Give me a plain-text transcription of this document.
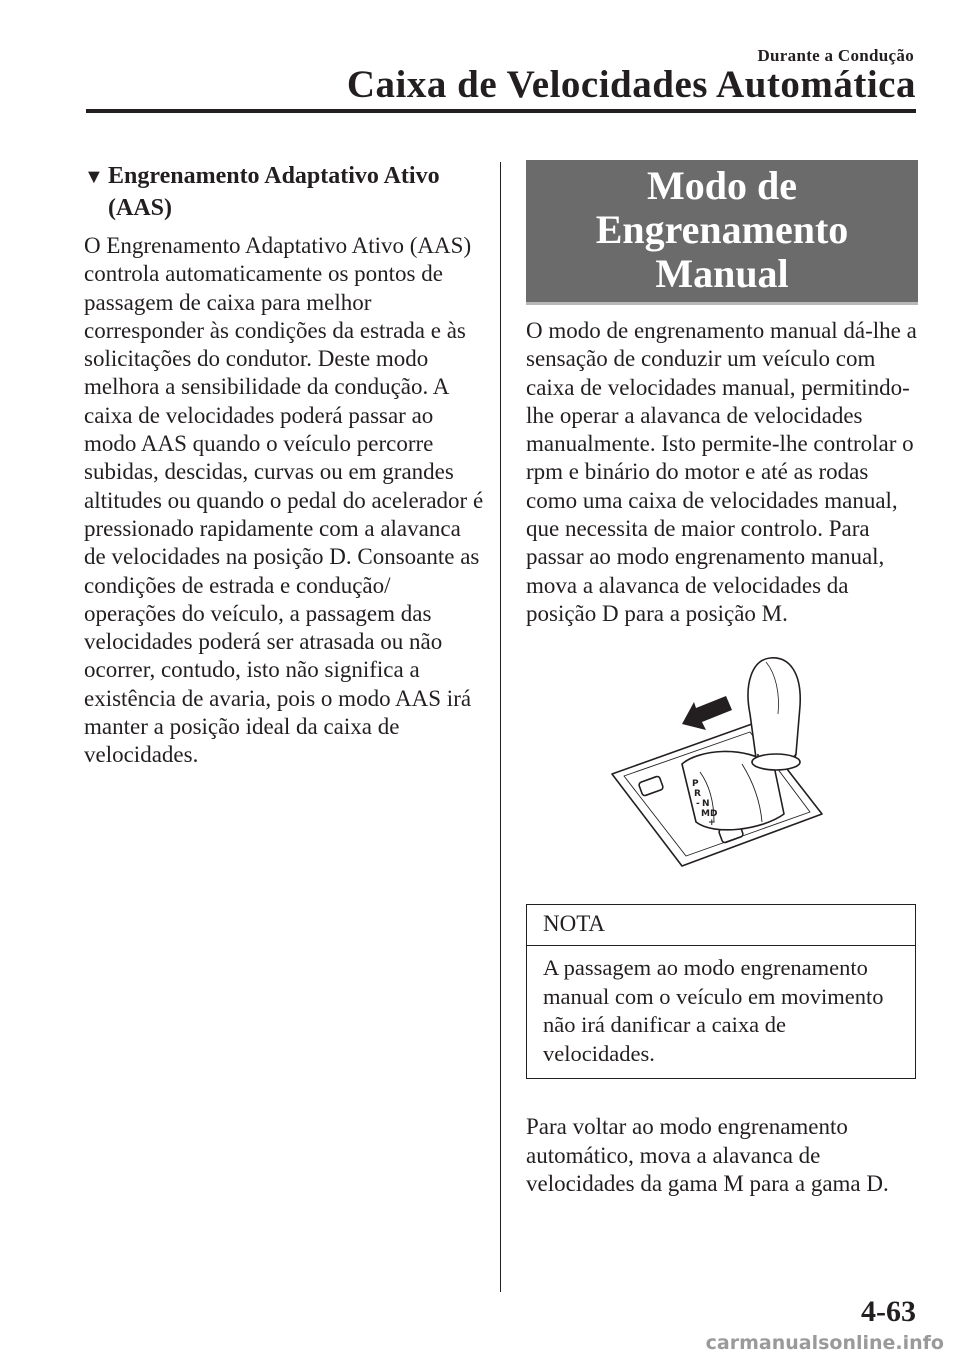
Durante a Condução
Caixa de Velocidades Automática
▼ Engrenamento Adaptativo Ativo (AAS)

O Engrenamento Adaptativo Ativo (AAS) controla automaticamente os pontos de passagem de caixa para melhor corresponder às condições da estrada e às solicitações do condutor. Deste modo melhora a sensibilidade da condução. A caixa de velocidades poderá passar ao modo AAS quando o veículo percorre subidas, descidas, curvas ou em grandes altitudes ou quando o pedal do acelerador é pressionado rapidamente com a alavanca de velocidades na posição D. Consoante as condições de estrada e condução/ operações do veículo, a passagem das velocidades poderá ser atrasada ou não ocorrer, contudo, isto não significa a existência de avaria, pois o modo AAS irá manter a posição ideal da caixa de velocidades.

Modo de Engrenamento Manual

O modo de engrenamento manual dá-lhe a sensação de conduzir um veículo com caixa de velocidades manual, permitindo-lhe operar a alavanca de velocidades manualmente. Isto permite-lhe controlar o rpm e binário do motor e até as rodas como uma caixa de velocidades manual, que necessita de maior controlo. Para passar ao modo engrenamento manual, mova a alavanca de velocidades da posição D para a posição M.

P
R
N
D
M
-
+
NOTA
A passagem ao modo engrenamento manual com o veículo em movimento não irá danificar a caixa de velocidades.

Para voltar ao modo engrenamento automático, mova a alavanca de velocidades da gama M para a gama D.

4-63
carmanualsonline.info
